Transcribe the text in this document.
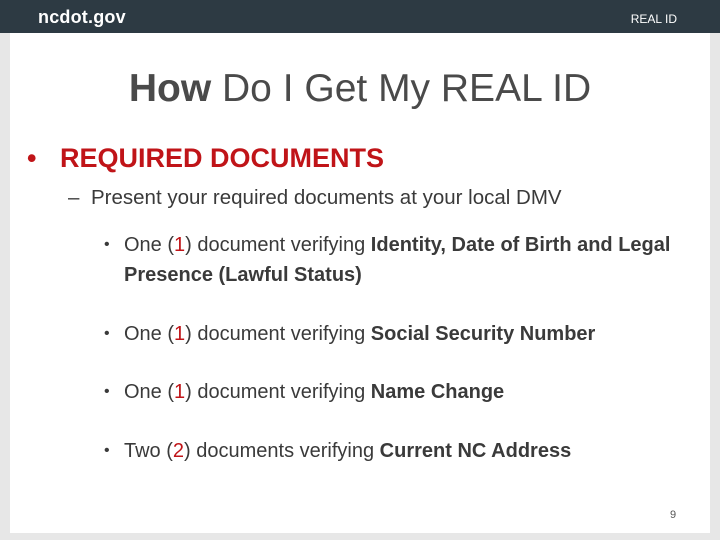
ncdot.gov	REAL ID
How Do I Get My REAL ID
• REQUIRED DOCUMENTS
– Present your required documents at your local DMV
• One (1) document verifying Identity, Date of Birth and Legal Presence (Lawful Status)
• One (1) document verifying Social Security Number
• One (1) document verifying Name Change
• Two (2) documents verifying Current NC Address
9
